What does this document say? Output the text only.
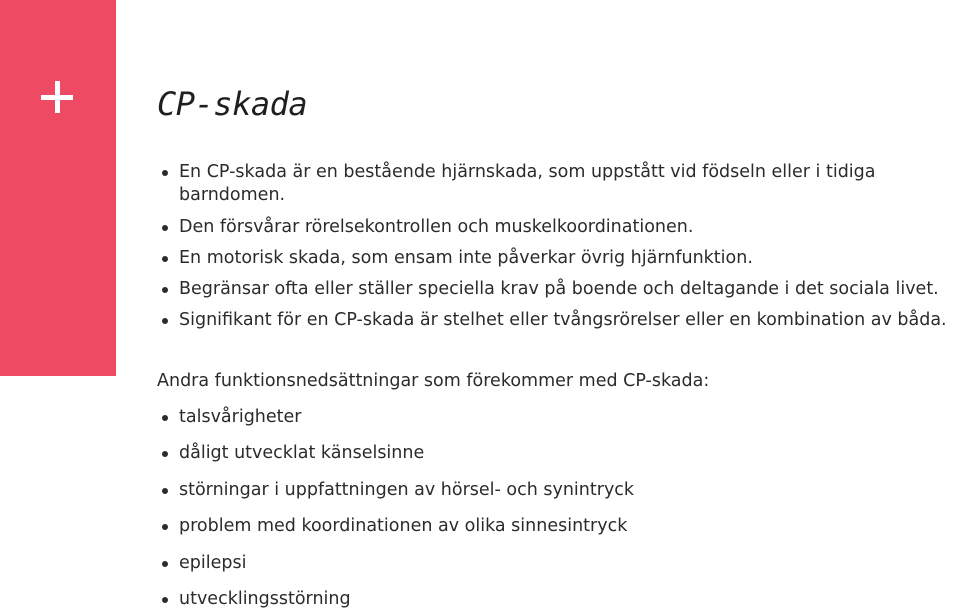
CP-skada
En CP-skada är en bestående hjärnskada, som uppstått vid födseln eller i tidiga barndomen.
Den försvårar rörelsekontrollen och muskelkoordinationen.
En motorisk skada, som ensam inte påverkar övrig hjärnfunktion.
Begränsar ofta eller ställer speciella krav på boende och deltagande i det sociala livet.
Signifikant för en CP-skada är stelhet eller tvångsrörelser eller en kombination av båda.

Andra funktionsnedsättningar som förekommer med CP-skada:

talsvårigheter
dåligt utvecklat känselsinne
störningar i uppfattningen av hörsel- och synintryck
problem med koordinationen av olika sinnesintryck
epilepsi
utvecklingsstörning
